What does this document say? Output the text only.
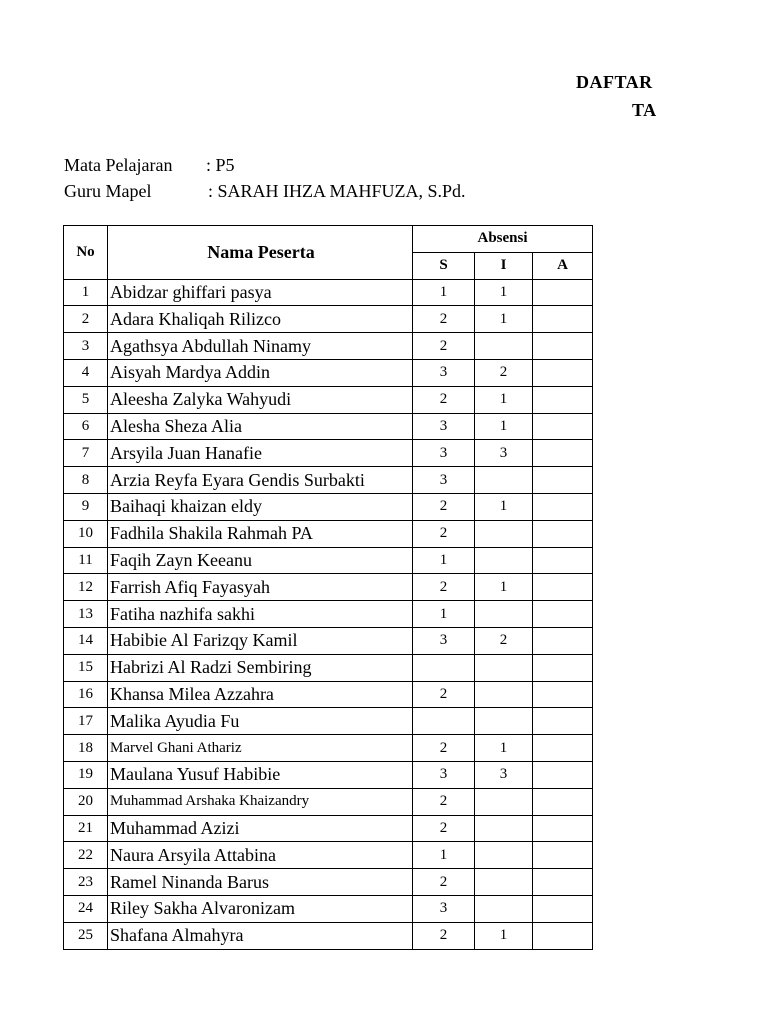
DAFTAR
TA
Mata Pelajaran : P5
Guru Mapel	: SARAH IHZA MAHFUZA, S.Pd.
No	Nama Peserta	Absensi		
		S	I	A
1	Abidzar ghiffari pasya	1	1	
2	Adara Khaliqah Rilizco	2	1	
3	Agathsya Abdullah Ninamy	2		
4	Aisyah Mardya Addin	3	2	
5	Aleesha Zalyka Wahyudi	2	1	
6	Alesha Sheza Alia	3	1	
7	Arsyila Juan Hanafie	3	3	
8	Arzia Reyfa Eyara Gendis Surbakti	3		
9	Baihaqi khaizan eldy	2	1	
10	Fadhila Shakila Rahmah PA	2		
11	Faqih Zayn Keeanu	1		
12	Farrish Afiq Fayasyah	2	1	
13	Fatiha nazhifa sakhi	1		
14	Habibie Al Farizqy Kamil	3	2	
15	Habrizi Al Radzi Sembiring			
16	Khansa Milea Azzahra	2		
17	Malika Ayudia Fu			
18	Marvel Ghani Athariz	2	1	
19	Maulana Yusuf Habibie	3	3	
20	Muhammad Arshaka Khaizandry	2		
21	Muhammad Azizi	2		
22	Naura Arsyila Attabina	1		
23	Ramel Ninanda Barus	2		
24	Riley Sakha Alvaronizam	3		
25	Shafana Almahyra	2	1	
